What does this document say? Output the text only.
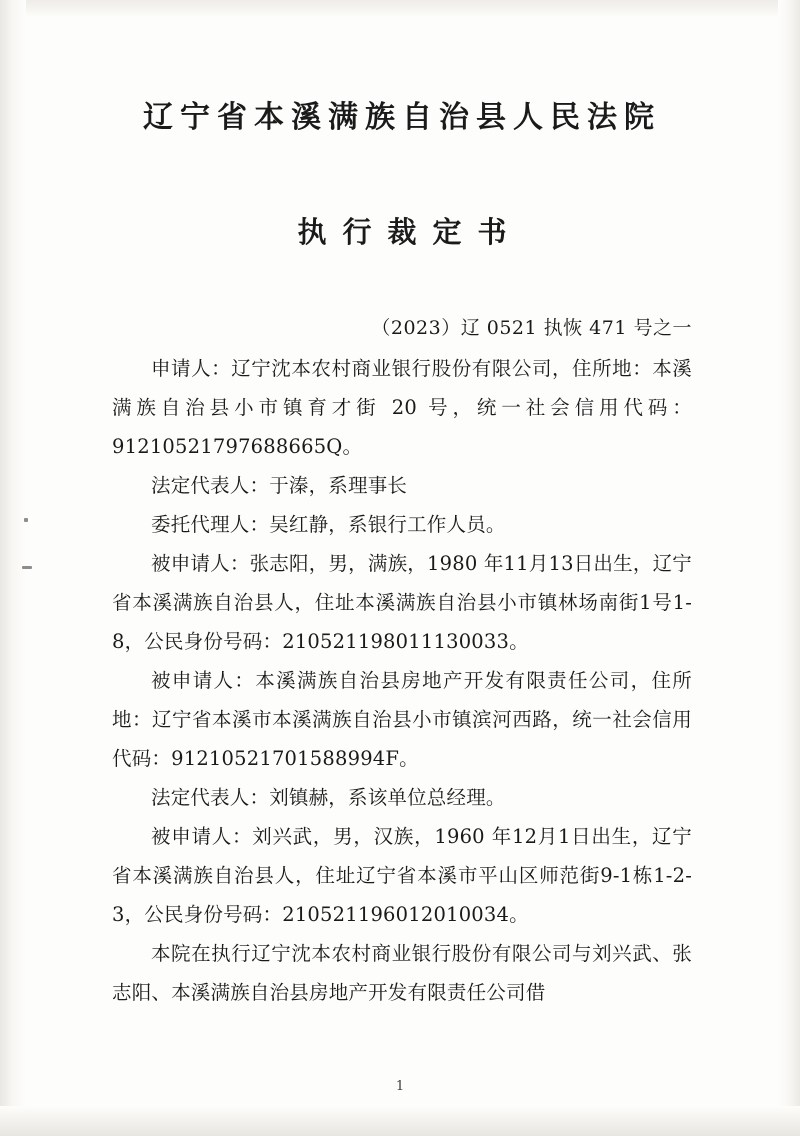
辽宁省本溪满族自治县人民法院
执行裁定书
（2023）辽 0521 执恢 471 号之一

申请人：辽宁沈本农村商业银行股份有限公司，住所地：本溪满族自治县小市镇育才街 20 号，统一社会信用代码：91210521797688665Q。

法定代表人：于溱，系理事长

委托代理人：吴红静，系银行工作人员。

被申请人：张志阳，男，满族，1980 年11月13日出生，辽宁省本溪满族自治县人，住址本溪满族自治县小市镇林场南街1号1-8，公民身份号码：210521198011130033。

被申请人：本溪满族自治县房地产开发有限责任公司，住所地：辽宁省本溪市本溪满族自治县小市镇滨河西路，统一社会信用代码：91210521701588994F。

法定代表人：刘镇赫，系该单位总经理。

被申请人：刘兴武，男，汉族，1960 年12月1日出生，辽宁省本溪满族自治县人，住址辽宁省本溪市平山区师范街9-1栋1-2-3，公民身份号码：210521196012010034。

本院在执行辽宁沈本农村商业银行股份有限公司与刘兴武、张志阳、本溪满族自治县房地产开发有限责任公司借

1
